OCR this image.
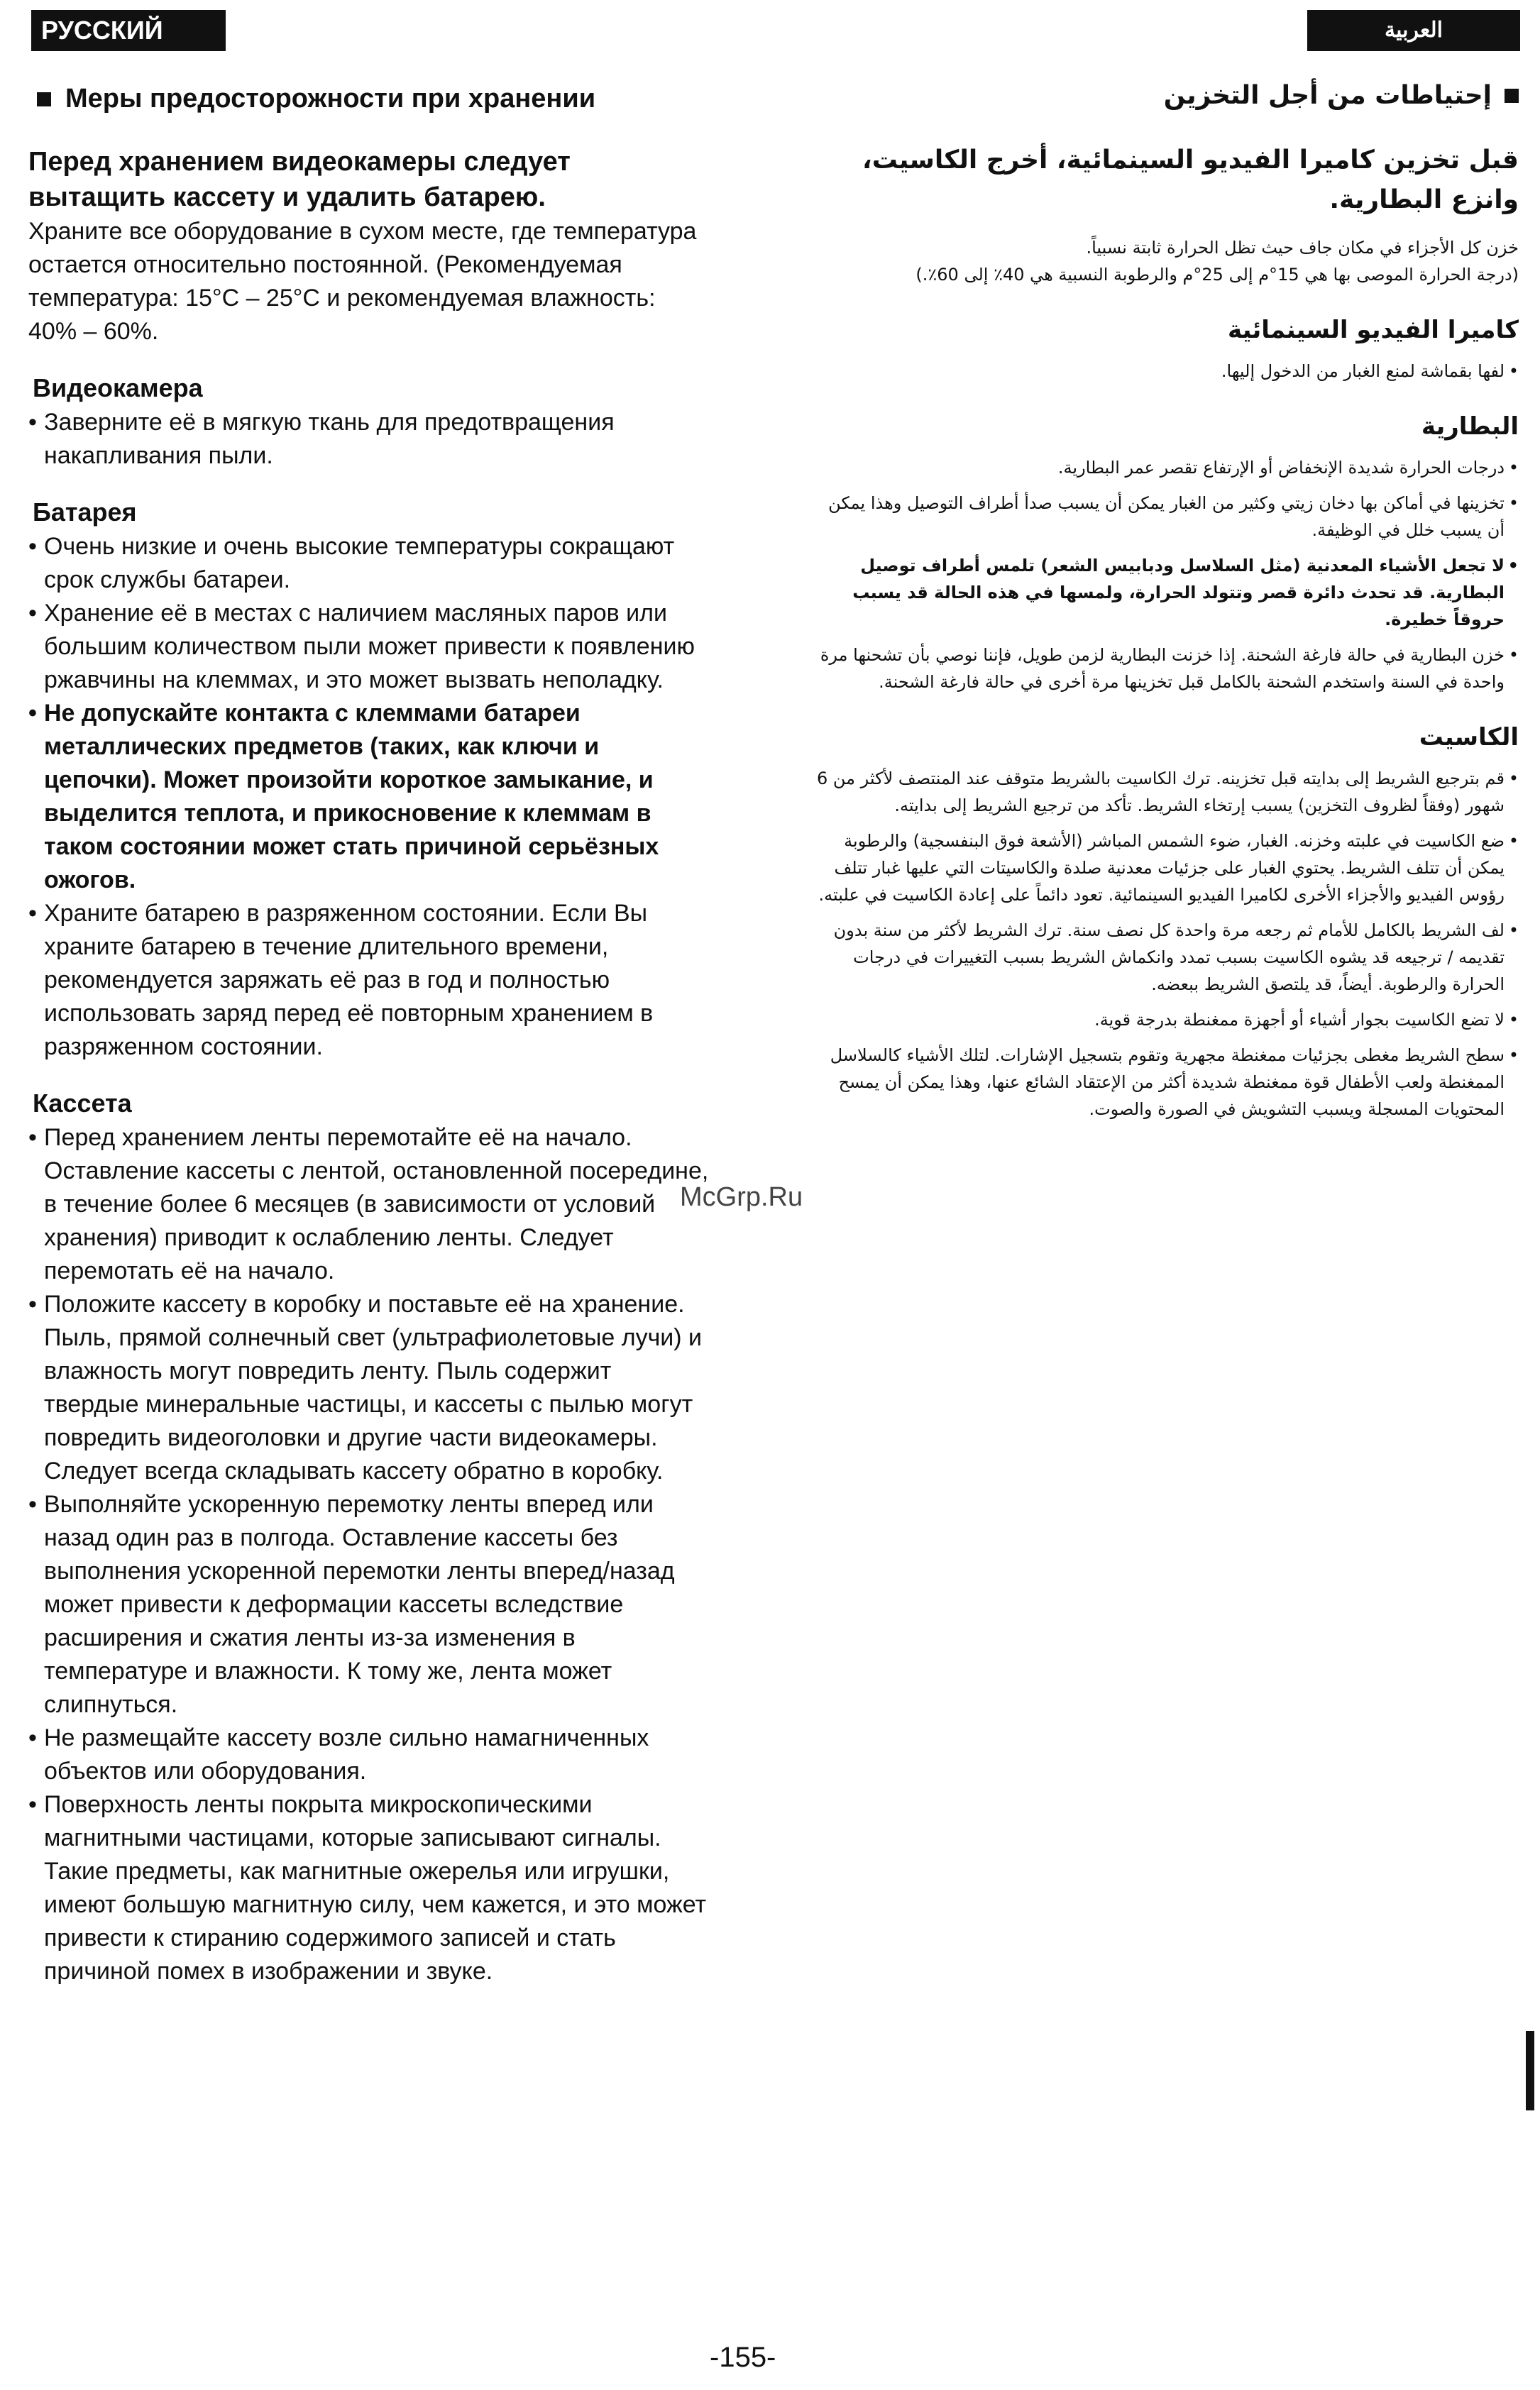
РУССКИЙ ЯЗЫК
العربية
Меры предосторожности при хранении

Перед хранением видеокамеры следует вытащить кассету и удалить батарею.

Храните все оборудование в сухом месте, где температура остается относительно постоянной. (Рекомендуемая температура: 15°C – 25°C и рекомендуемая влажность: 40% – 60%.

Видеокамера
• Заверните её в мягкую ткань для предотвращения накапливания пыли.
Батарея
• Очень низкие и очень высокие температуры сокращают срок службы батареи.
• Хранение её в местах с наличием масляных паров или большим количеством пыли может привести к появлению ржавчины на клеммах, и это может вызвать неполадку.
• Не допускайте контакта с клеммами батареи металлических предметов (таких, как ключи и цепочки). Может произойти короткое замыкание, и выделится теплота, и прикосновение к клеммам в таком состоянии может стать причиной серьёзных ожогов.
• Храните батарею в разряженном состоянии. Если Вы храните батарею в течение длительного времени, рекомендуется заряжать её раз в год и полностью использовать заряд перед её повторным хранением в разряженном состоянии.
Кассета
• Перед хранением ленты перемотайте её на начало. Оставление кассеты с лентой, остановленной посередине, в течение более 6 месяцев (в зависимости от условий хранения) приводит к ослаблению ленты. Следует перемотать её на начало.
• Положите кассету в коробку и поставьте её на хранение.
Пыль, прямой солнечный свет (ультрафиолетовые лучи) и влажность могут повредить ленту. Пыль содержит твердые минеральные частицы, и кассеты с пылью могут повредить видеоголовки и другие части видеокамеры. Следует всегда складывать кассету обратно в коробку.
• Выполняйте ускоренную перемотку ленты вперед или назад один раз в полгода. Оставление кассеты без выполнения ускоренной перемотки ленты вперед/назад может привести к деформации кассеты вследствие расширения и сжатия ленты из-за изменения в температуре и влажности. К тому же, лента может слипнуться.
• Не размещайте кассету возле сильно намагниченных объектов или оборудования.
• Поверхность ленты покрыта микроскопическими магнитными частицами, которые записывают сигналы. Такие предметы, как магнитные ожерелья или игрушки, имеют большую магнитную силу, чем кажется, и это может привести к стиранию содержимого записей и стать причиной помех в изображении и звуке.
إحتياطات من أجل التخزين

قبل تخزين كاميرا الفيديو السينمائية، أخرج الكاسيت، وانزع البطارية.

خزن كل الأجزاء في مكان جاف حيث تظل الحرارة ثابتة نسبياً.

(درجة الحرارة الموصى بها هي 15°م إلى 25°م والرطوبة النسبية هي 40٪ إلى 60٪.)

كاميرا الفيديو السينمائية
• لفها بقماشة لمنع الغبار من الدخول إليها.
البطارية
• درجات الحرارة شديدة الإنخفاض أو الإرتفاع تقصر عمر البطارية.
• تخزينها في أماكن بها دخان زيتي وكثير من الغبار يمكن أن يسبب صدأ أطراف التوصيل وهذا يمكن أن يسبب خلل في الوظيفة.
• لا تجعل الأشياء المعدنية (مثل السلاسل ودبابيس الشعر) تلمس أطراف توصيل البطارية. قد تحدث دائرة قصر وتتولد الحرارة، ولمسها في هذه الحالة قد يسبب حروقاً خطيرة.
• خزن البطارية في حالة فارغة الشحنة. إذا خزنت البطارية لزمن طويل، فإننا نوصي بأن تشحنها مرة واحدة في السنة واستخدم الشحنة بالكامل قبل تخزينها مرة أخرى في حالة فارغة الشحنة.
الكاسيت
• قم بترجيع الشريط إلى بدايته قبل تخزينه. ترك الكاسيت بالشريط متوقف عند المنتصف لأكثر من 6 شهور (وفقاً لظروف التخزين) يسبب إرتخاء الشريط. تأكد من ترجيع الشريط إلى بدايته.
• ضع الكاسيت في علبته وخزنه. الغبار، ضوء الشمس المباشر (الأشعة فوق البنفسجية) والرطوبة يمكن أن تتلف الشريط. يحتوي الغبار على جزئيات معدنية صلدة والكاسيتات التي عليها غبار تتلف رؤوس الفيديو والأجزاء الأخرى لكاميرا الفيديو السينمائية. تعود دائماً على إعادة الكاسيت في علبته.
• لف الشريط بالكامل للأمام ثم رجعه مرة واحدة كل نصف سنة. ترك الشريط لأكثر من سنة بدون تقديمه / ترجيعه قد يشوه الكاسيت بسبب تمدد وانكماش الشريط بسبب التغييرات في درجات الحرارة والرطوبة. أيضاً، قد يلتصق الشريط ببعضه.
• لا تضع الكاسيت بجوار أشياء أو أجهزة ممغنطة بدرجة قوية.
• سطح الشريط مغطى بجزئيات ممغنطة مجهرية وتقوم بتسجيل الإشارات. لتلك الأشياء كالسلاسل الممغنطة ولعب الأطفال قوة ممغنطة شديدة أكثر من الإعتقاد الشائع عنها، وهذا يمكن أن يمسح المحتويات المسجلة ويسبب التشويش في الصورة والصوت.
McGrp.Ru
-155-
